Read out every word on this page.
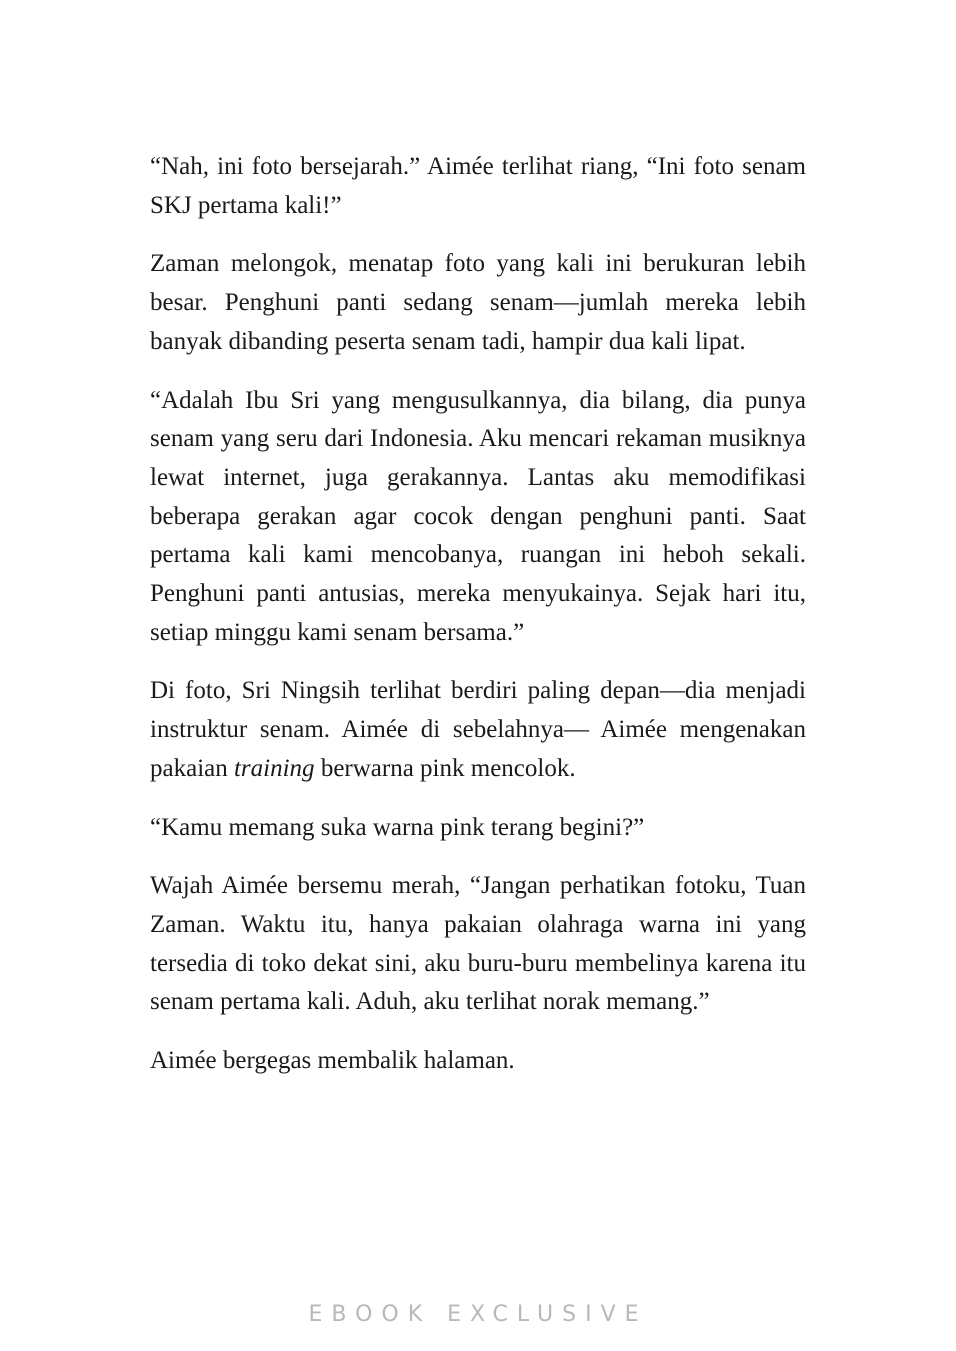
“Nah, ini foto bersejarah.” Aimée terlihat riang, “Ini foto senam SKJ pertama kali!”

Zaman melongok, menatap foto yang kali ini berukuran lebih besar. Penghuni panti sedang senam—jumlah mereka lebih banyak dibanding peserta senam tadi, hampir dua kali lipat.

“Adalah Ibu Sri yang mengusulkannya, dia bilang, dia punya senam yang seru dari Indonesia. Aku mencari rekaman musiknya lewat internet, juga gerakannya. Lantas aku memodifikasi beberapa gerakan agar cocok dengan penghuni panti. Saat pertama kali kami mencobanya, ruangan ini heboh sekali. Penghuni panti antusias, mereka menyukainya. Sejak hari itu, setiap minggu kami senam bersama.”

Di foto, Sri Ningsih terlihat berdiri paling depan—dia menjadi instruktur senam. Aimée di sebelahnya— Aimée mengenakan pakaian training berwarna pink mencolok.

“Kamu memang suka warna pink terang begini?”

Wajah Aimée bersemu merah, “Jangan perhatikan fotoku, Tuan Zaman. Waktu itu, hanya pakaian olahraga warna ini yang tersedia di toko dekat sini, aku buru-buru membelinya karena itu senam pertama kali. Aduh, aku terlihat norak memang.”

Aimée bergegas membalik halaman.

EBOOK EXCLUSIVE
